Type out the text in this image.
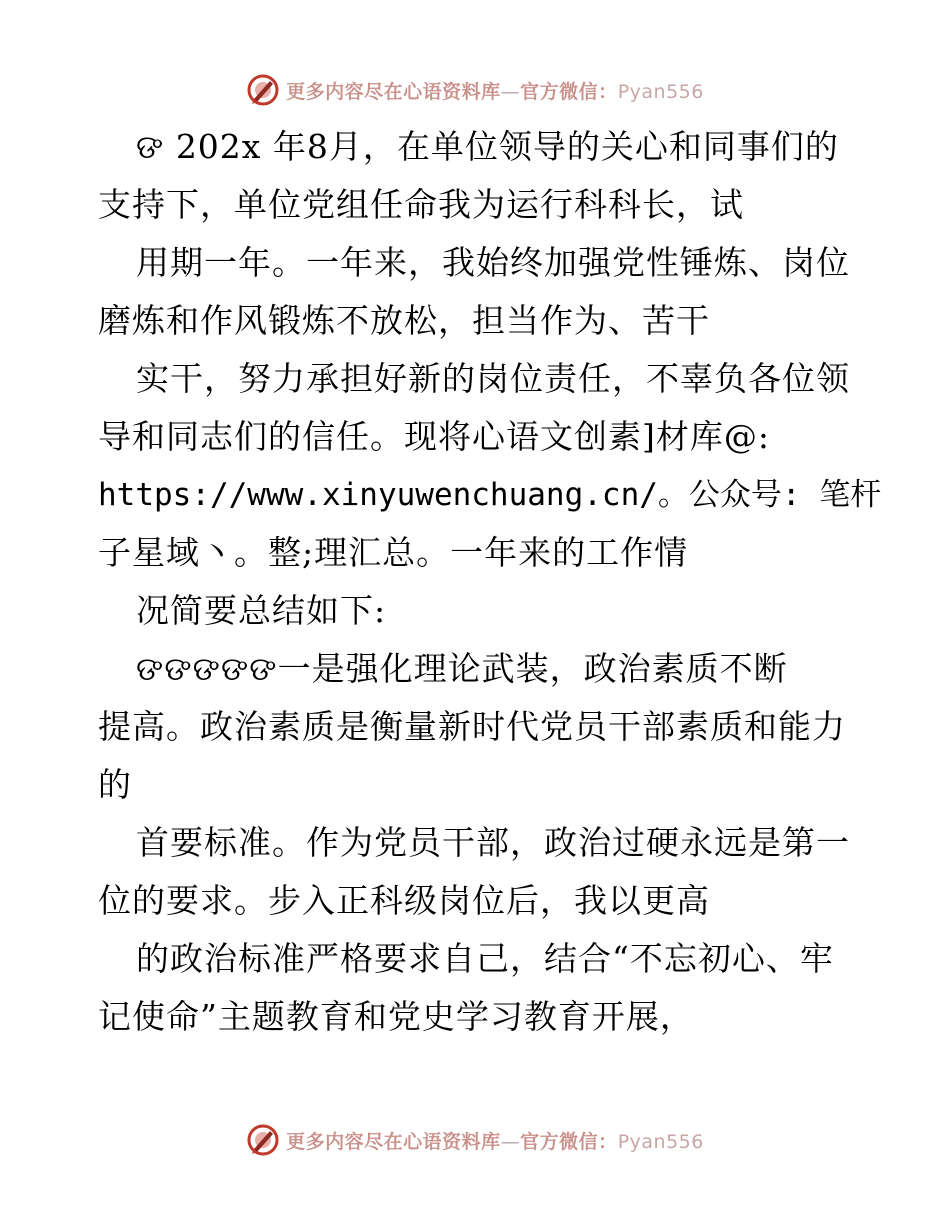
更多内容尽在心语资料库—官方微信：Pyan556
ଙ 202x 年8月，在单位领导的关心和同事们的
支持下，单位党组任命我为运行科科长，试
用期一年。一年来，我始终加强党性锤炼、岗位
磨炼和作风锻炼不放松，担当作为、苦干
实干，努力承担好新的岗位责任，不辜负各位领
导和同志们的信任。现将心语文创素]材库@:
https://www.xinyuwenchuang.cn/。公众号: 笔杆
子星域丶。整;理汇总。一年来的工作情
况简要总结如下:
ଙଙଙଙଙ一是强化理论武装，政治素质不断
提高。政治素质是衡量新时代党员干部素质和能力
的
首要标准。作为党员干部，政治过硬永远是第一
位的要求。步入正科级岗位后，我以更高
的政治标准严格要求自己，结合“不忘初心、牢
记使命”主题教育和党史学习教育开展，
更多内容尽在心语资料库—官方微信：Pyan556
